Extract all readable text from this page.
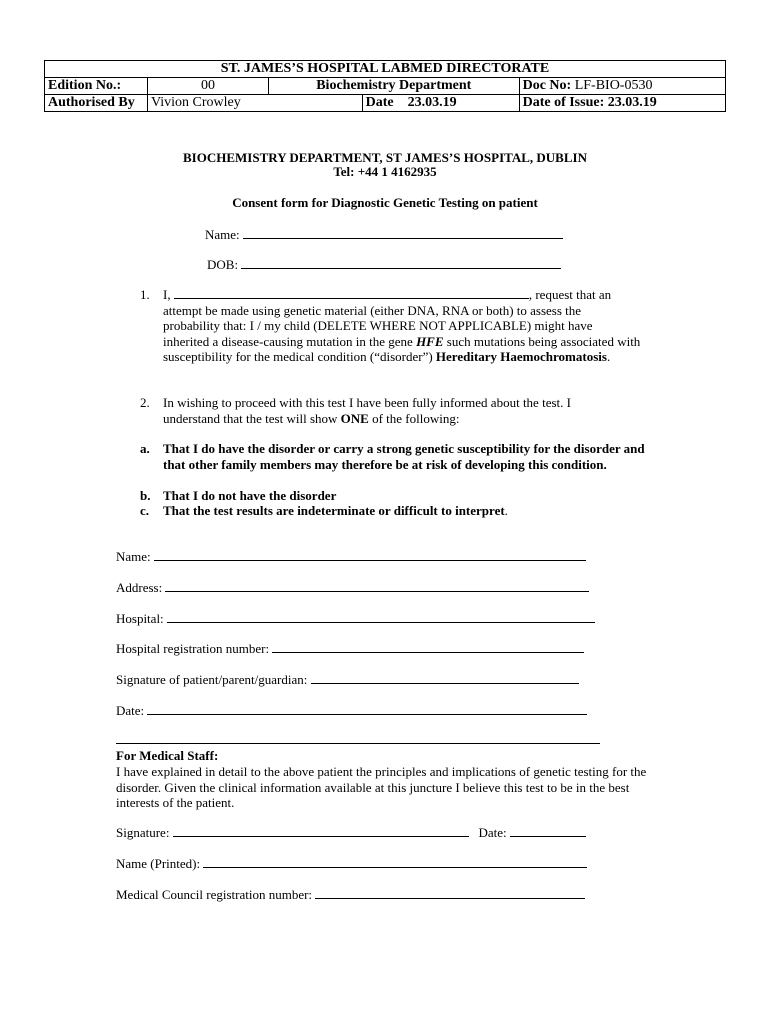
ST. JAMES’S HOSPITAL LABMED DIRECTORATE				
Edition No.:	00	Biochemistry Department		Doc No: LF-BIO-0530
Authorised By	Vivion Crowley		Date 23.03.19	Date of Issue: 23.03.19
BIOCHEMISTRY DEPARTMENT, ST JAMES’S HOSPITAL, DUBLIN
Tel: +44 1 4162935
Consent form for Diagnostic Genetic Testing on patient
Name:
DOB:
1. I,	, request that an attempt be made using genetic material (either DNA, RNA or both) to assess the probability that: I / my child (DELETE WHERE NOT APPLICABLE) might have inherited a disease-causing mutation in the gene HFE such mutations being associated with susceptibility for the medical condition (“disorder”) Hereditary Haemochromatosis.
2. In wishing to proceed with this test I have been fully informed about the test. I understand that the test will show ONE of the following:
a. That I do have the disorder or carry a strong genetic susceptibility for the disorder and that other family members may therefore be at risk of developing this condition.
b. That I do not have the disorder
c. That the test results are indeterminate or difficult to interpret.
Name:
Address:
Hospital:
Hospital registration number:
Signature of patient/parent/guardian:
Date:
For Medical Staff:
I have explained in detail to the above patient the principles and implications of genetic testing for the disorder. Given the clinical information available at this juncture I believe this test to be in the best interests of the patient.
Signature:	Date:
Name (Printed):
Medical Council registration number:
